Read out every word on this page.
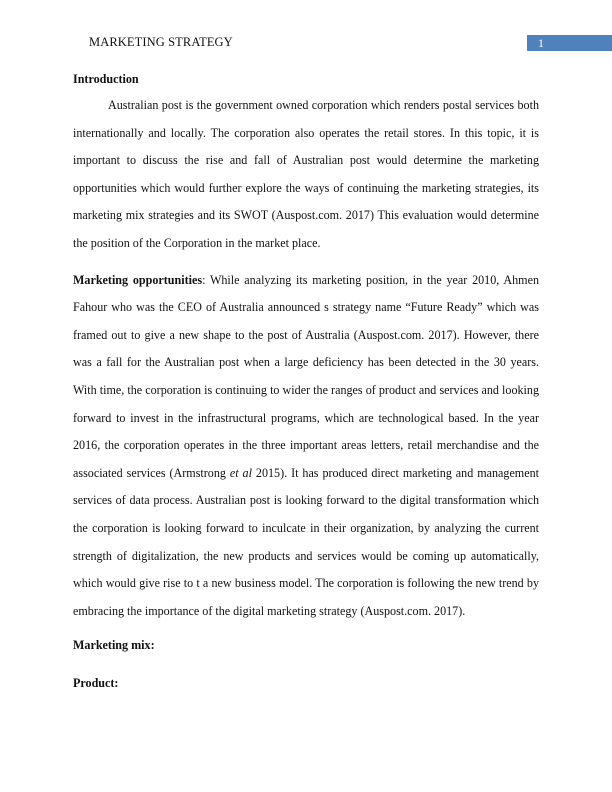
MARKETING STRATEGY	1
Introduction

Australian post is the government owned corporation which renders postal services both internationally and locally. The corporation also operates the retail stores. In this topic, it is important to discuss the rise and fall of Australian post would determine the marketing opportunities which would further explore the ways of continuing the marketing strategies, its marketing mix strategies and its SWOT (Auspost.com. 2017) This evaluation would determine the position of the Corporation in the market place.

Marketing opportunities: While analyzing its marketing position, in the year 2010, Ahmen Fahour who was the CEO of Australia announced s strategy name “Future Ready” which was framed out to give a new shape to the post of Australia (Auspost.com. 2017). However, there was a fall for the Australian post when a large deficiency has been detected in the 30 years. With time, the corporation is continuing to wider the ranges of product and services and looking forward to invest in the infrastructural programs, which are technological based. In the year 2016, the corporation operates in the three important areas letters, retail merchandise and the associated services (Armstrong et al 2015). It has produced direct marketing and management services of data process. Australian post is looking forward to the digital transformation which the corporation is looking forward to inculcate in their organization, by analyzing the current strength of digitalization, the new products and services would be coming up automatically, which would give rise to t a new business model. The corporation is following the new trend by embracing the importance of the digital marketing strategy (Auspost.com. 2017).

Marketing mix:
Product:
